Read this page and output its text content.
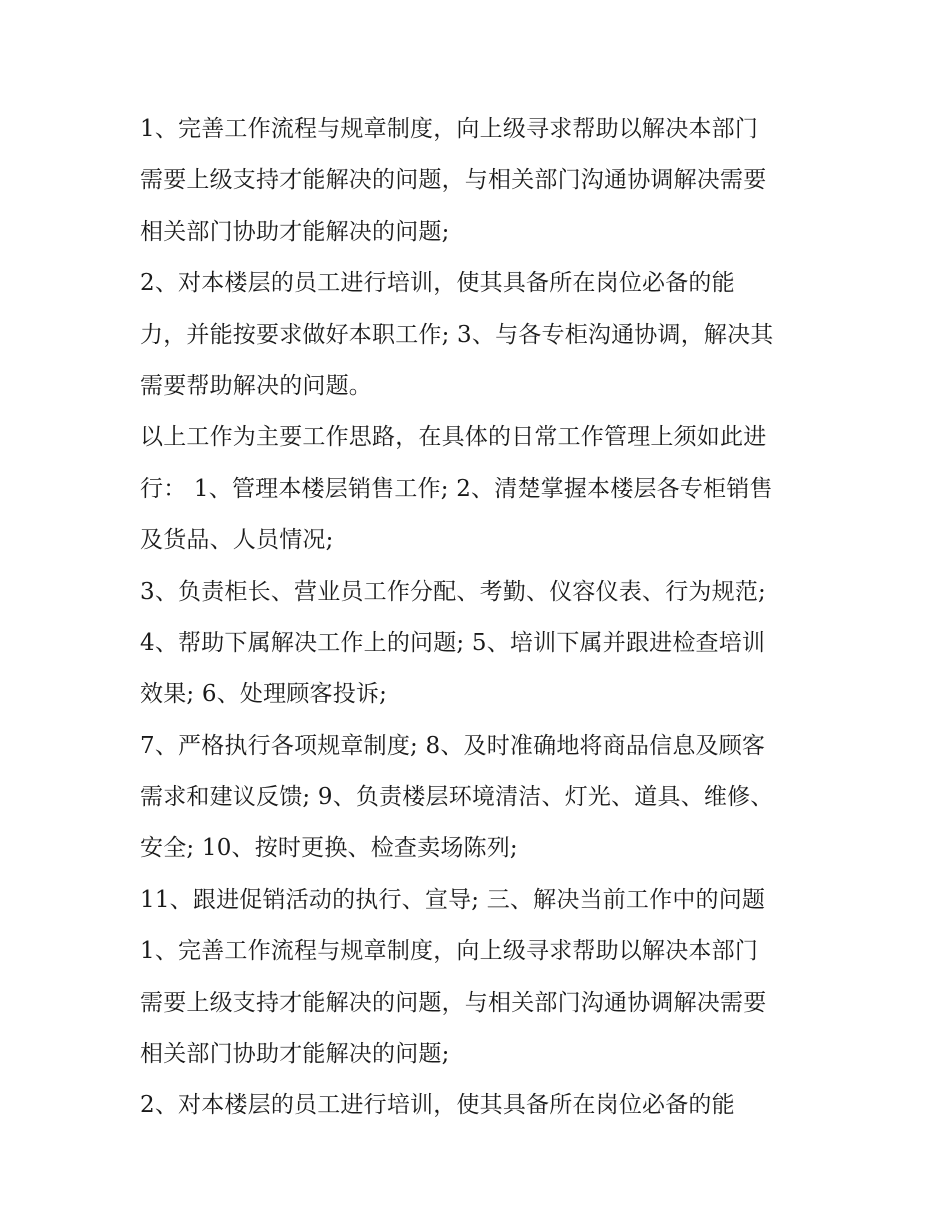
1、完善工作流程与规章制度，向上级寻求帮助以解决本部门
需要上级支持才能解决的问题，与相关部门沟通协调解决需要
相关部门协助才能解决的问题;
2、对本楼层的员工进行培训，使其具备所在岗位必备的能
力，并能按要求做好本职工作; 3、与各专柜沟通协调，解决其
需要帮助解决的问题。
以上工作为主要工作思路，在具体的日常工作管理上须如此进
行： 1、管理本楼层销售工作; 2、清楚掌握本楼层各专柜销售
及货品、人员情况;
3、负责柜长、营业员工作分配、考勤、仪容仪表、行为规范;
4、帮助下属解决工作上的问题; 5、培训下属并跟进检查培训
效果; 6、处理顾客投诉;
7、严格执行各项规章制度; 8、及时准确地将商品信息及顾客
需求和建议反馈; 9、负责楼层环境清洁、灯光、道具、维修、
安全; 10、按时更换、检查卖场陈列;
11、跟进促销活动的执行、宣导; 三、解决当前工作中的问题
1、完善工作流程与规章制度，向上级寻求帮助以解决本部门
需要上级支持才能解决的问题，与相关部门沟通协调解决需要
相关部门协助才能解决的问题;
2、对本楼层的员工进行培训，使其具备所在岗位必备的能
